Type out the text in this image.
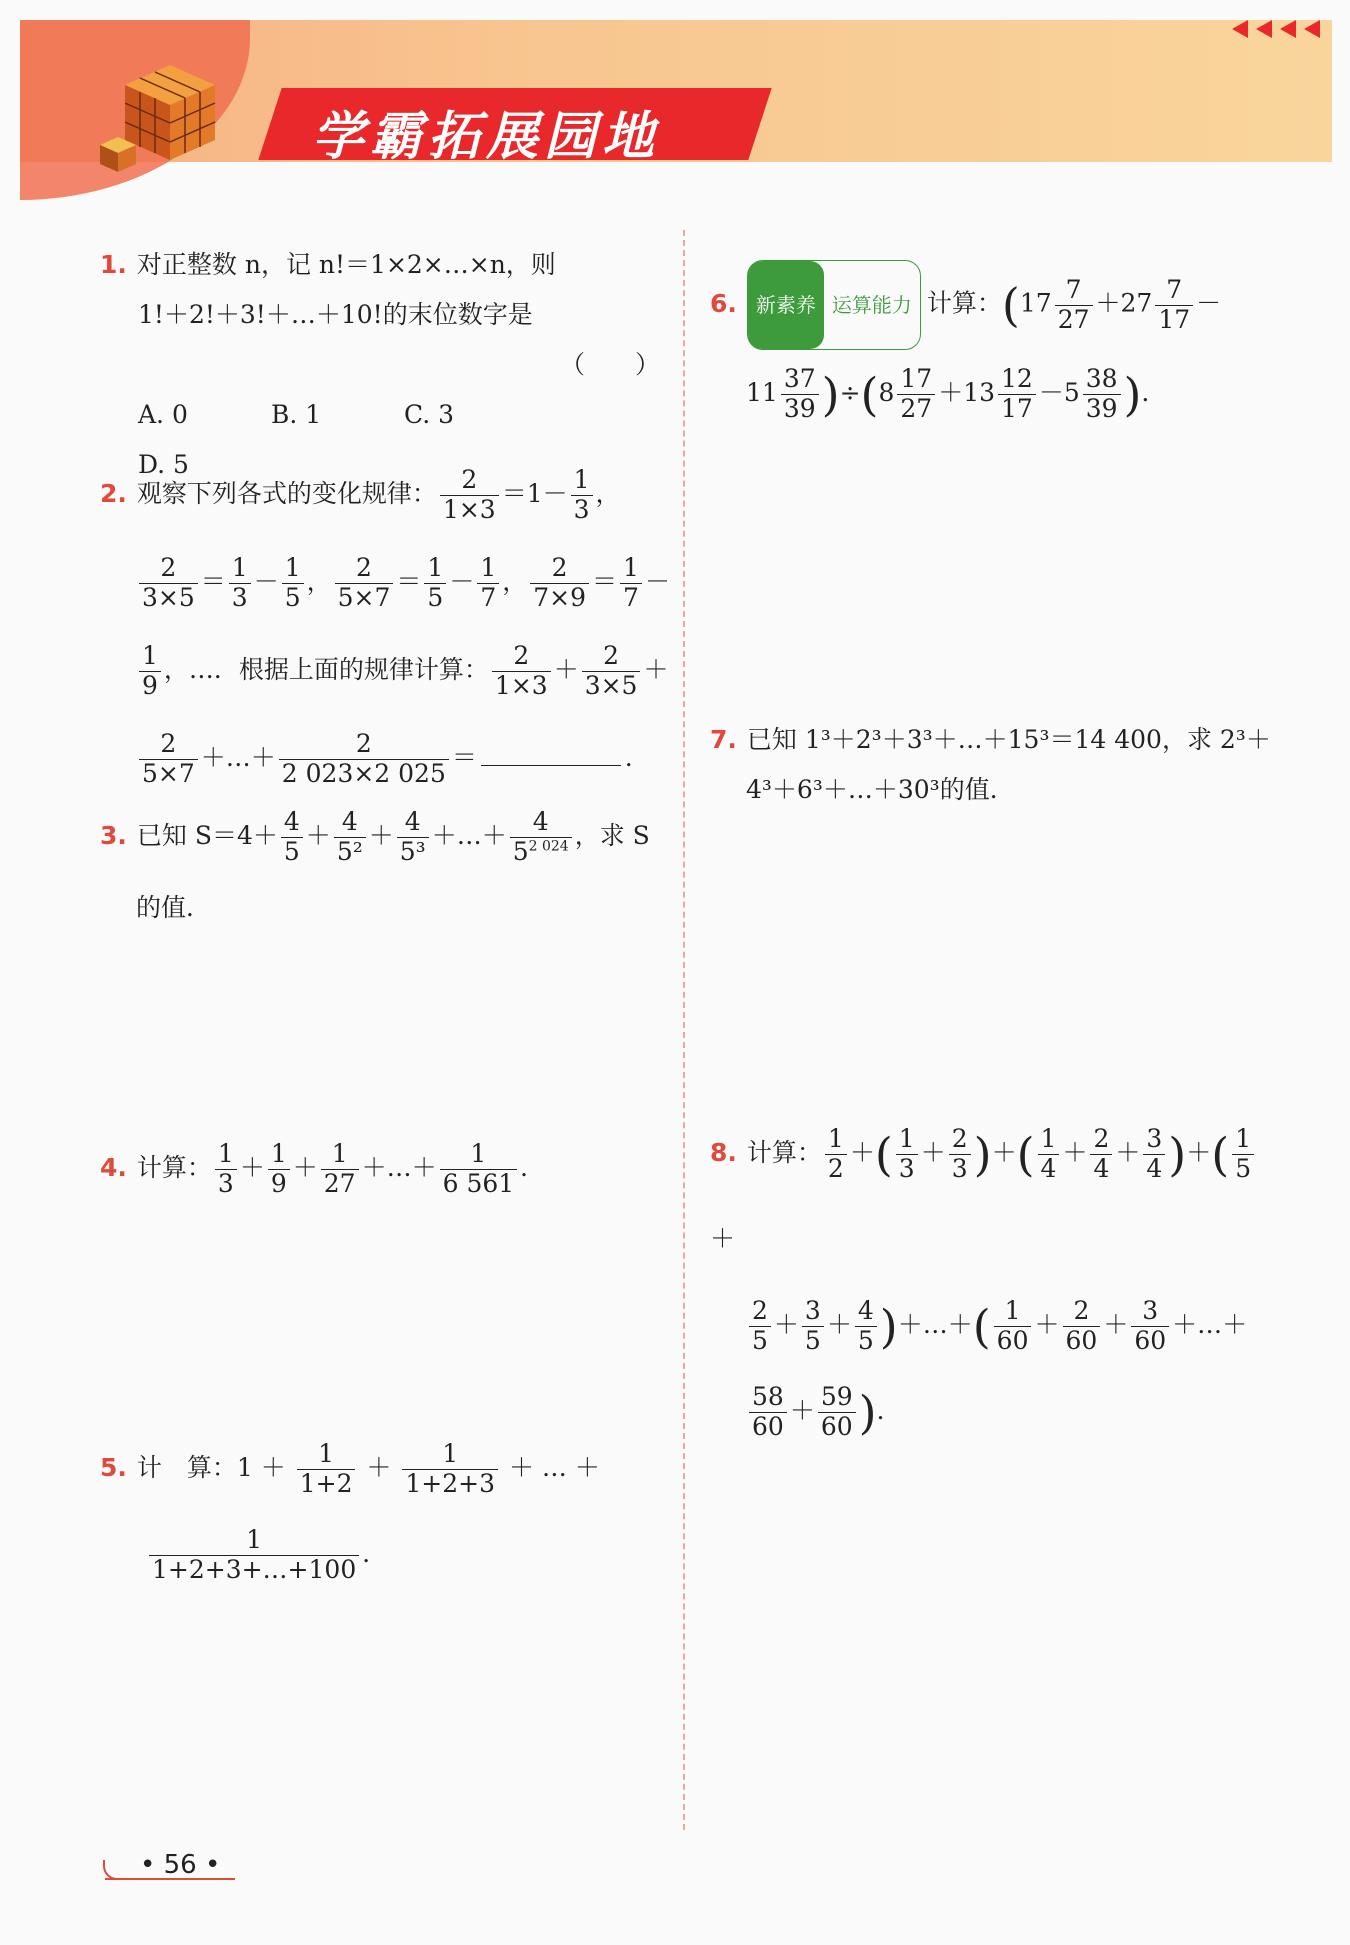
学霸拓展园地
1. 对正整数 n，记 n!＝1×2×…×n，则
1!＋2!＋3!＋…＋10!的末位数字是
（　　）
A. 0	B. 1	C. 3D. 5
2. 观察下列各式的变化规律： $\frac{2}{1\times 3} =1- \frac{1}{3}$ ，
$\frac{2}{3\times 5} = \frac{1}{3} - \frac{1}{5}$ ， $\frac{2}{5\times 7} = \frac{1}{5} - \frac{1}{7}$ ， $\frac{2}{7\times 9} = \frac{1}{7}$ －
$\frac{1}{9}$ ，…．根据上面的规律计算： $\frac{2}{1\times 3} + \frac{2}{3\times 5}$ ＋
$\frac{2}{5\times 7}$ ＋…＋ $\frac{2}{2 023\times 2 025}$ ＝	．
3. 已知 $S=4+ \frac{4}{5} + \frac{4}{\text{5²}} + \frac{4}{\text{5³}}$ ＋…＋ $\frac{4}{5^{2 024}}$ ，求 S
的值．
4. 计算： $\frac{1}{3} + \frac{1}{9} + \frac{1}{27}$ ＋…＋ $\frac{1}{6 561}$ ．
5. 计　算：$1 + \frac{1}{1+2} + \frac{1}{1+2+3}$ ＋ … ＋
$\frac{1}{1+2+3+\dots+100}$ ．
6. 新素养 运算能力 计算：($17 \frac{7}{27} +27 \frac{7}{17}$ －
$11 \frac{37}{39} )\div(8 \frac{17}{27} +13 \frac{12}{17} -5 \frac{38}{39}$ )．
7. 已知 1³＋2³＋3³＋…＋15³＝14 400，求 2³＋
4³＋6³＋…＋30³的值．
8. 计算： $\frac{1}{2}$ ＋( $\frac{1}{3} + \frac{2}{3}$ )＋( $\frac{1}{4} + \frac{2}{4} + \frac{3}{4}$ )＋( $\frac{1}{5}$
＋
$\frac{2}{5} + \frac{3}{5} + \frac{4}{5}$ )＋…＋( $\frac{1}{60} + \frac{2}{60} + \frac{3}{60}$ ＋…＋
$\frac{58}{60} + \frac{59}{60}$ )．
• 56 •
